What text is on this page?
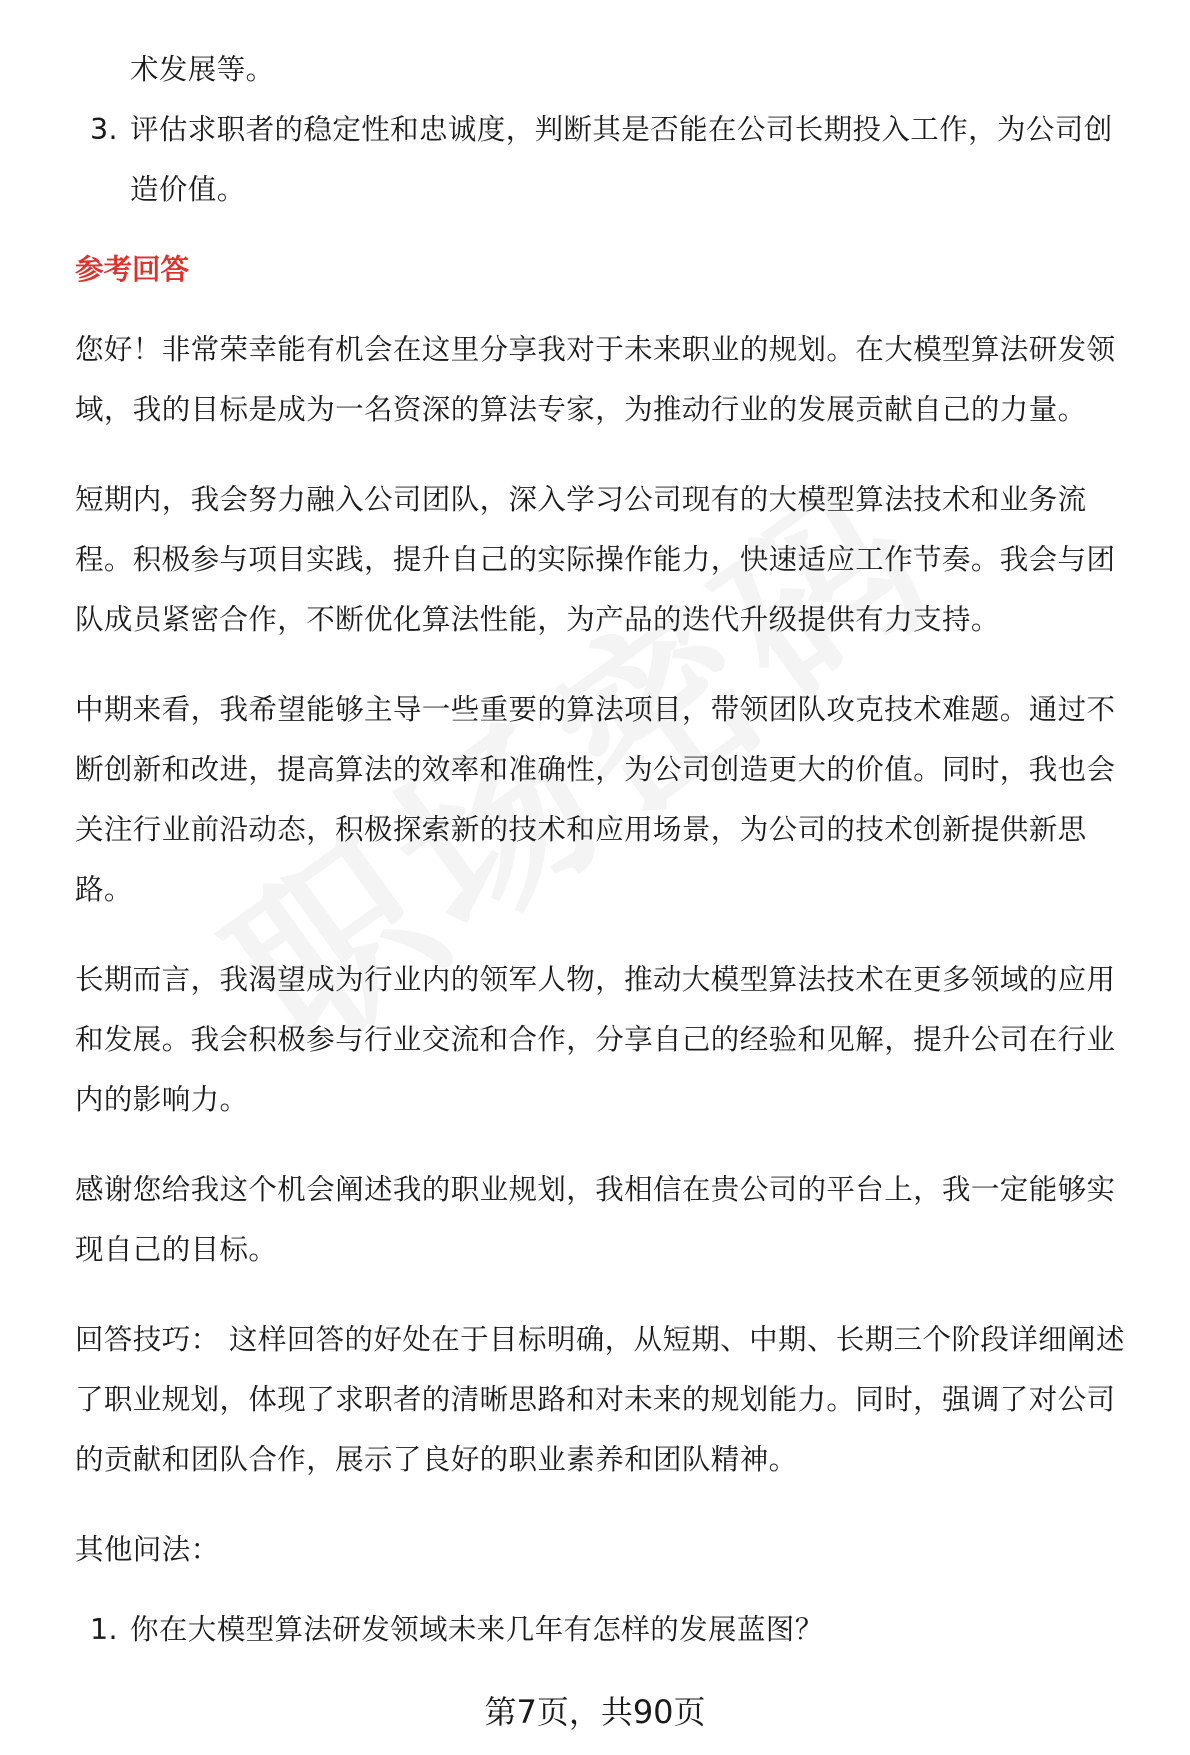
术发展等。

3. 评估求职者的稳定性和忠诚度，判断其是否能在公司长期投入工作，为公司创

造价值。

参考回答

您好！非常荣幸能有机会在这里分享我对于未来职业的规划。在大模型算法研发领

域，我的目标是成为一名资深的算法专家，为推动行业的发展贡献自己的力量。

短期内，我会努力融入公司团队，深入学习公司现有的大模型算法技术和业务流

程。积极参与项目实践，提升自己的实际操作能力，快速适应工作节奏。我会与团

队成员紧密合作，不断优化算法性能，为产品的迭代升级提供有力支持。

中期来看，我希望能够主导一些重要的算法项目，带领团队攻克技术难题。通过不

断创新和改进，提高算法的效率和准确性，为公司创造更大的价值。同时，我也会

关注行业前沿动态，积极探索新的技术和应用场景，为公司的技术创新提供新思

路。

长期而言，我渴望成为行业内的领军人物，推动大模型算法技术在更多领域的应用

和发展。我会积极参与行业交流和合作，分享自己的经验和见解，提升公司在行业

内的影响力。

感谢您给我这个机会阐述我的职业规划，我相信在贵公司的平台上，我一定能够实

现自己的目标。

回答技巧： 这样回答的好处在于目标明确，从短期、中期、长期三个阶段详细阐述

了职业规划，体现了求职者的清晰思路和对未来的规划能力。同时，强调了对公司

的贡献和团队合作，展示了良好的职业素养和团队精神。

其他问法：

1. 你在大模型算法研发领域未来几年有怎样的发展蓝图？

第7页，共90页
